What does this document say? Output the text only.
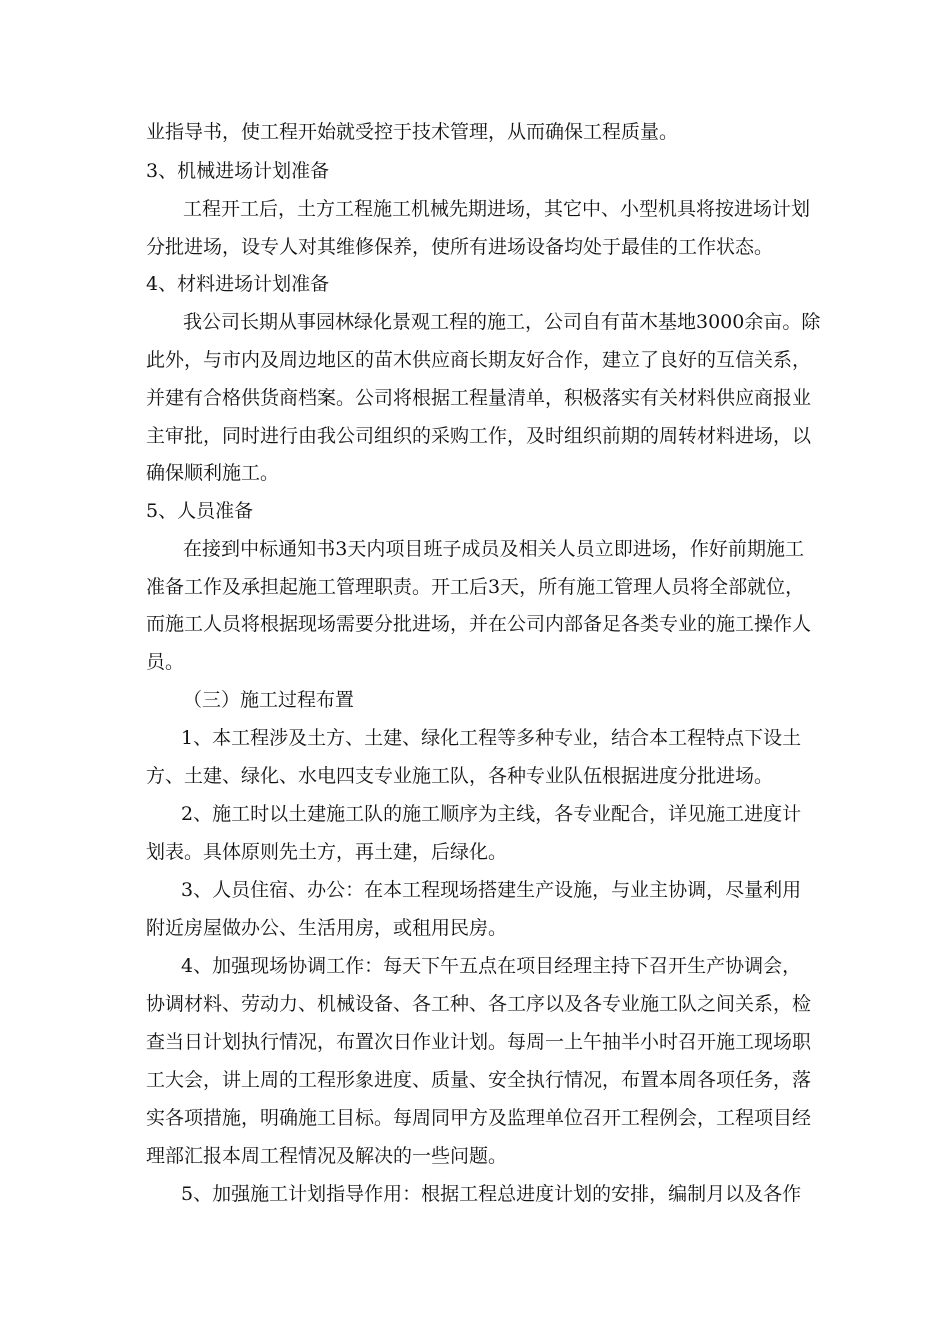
业指导书，使工程开始就受控于技术管理，从而确保工程质量。
3、机械进场计划准备
工程开工后，土方工程施工机械先期进场，其它中、小型机具将按进场计划
分批进场，设专人对其维修保养，使所有进场设备均处于最佳的工作状态。
4、材料进场计划准备
我公司长期从事园林绿化景观工程的施工，公司自有苗木基地3000余亩。除
此外，与市内及周边地区的苗木供应商长期友好合作，建立了良好的互信关系，
并建有合格供货商档案。公司将根据工程量清单，积极落实有关材料供应商报业
主审批，同时进行由我公司组织的采购工作，及时组织前期的周转材料进场，以
确保顺利施工。
5、人员准备
在接到中标通知书3天内项目班子成员及相关人员立即进场，作好前期施工
准备工作及承担起施工管理职责。开工后3天，所有施工管理人员将全部就位，
而施工人员将根据现场需要分批进场，并在公司内部备足各类专业的施工操作人
员。
（三）施工过程布置
1、本工程涉及土方、土建、绿化工程等多种专业，结合本工程特点下设土
方、土建、绿化、水电四支专业施工队，各种专业队伍根据进度分批进场。
2、施工时以土建施工队的施工顺序为主线，各专业配合，详见施工进度计
划表。具体原则先土方，再土建，后绿化。
3、人员住宿、办公：在本工程现场搭建生产设施，与业主协调，尽量利用
附近房屋做办公、生活用房，或租用民房。
4、加强现场协调工作：每天下午五点在项目经理主持下召开生产协调会，
协调材料、劳动力、机械设备、各工种、各工序以及各专业施工队之间关系，检
查当日计划执行情况，布置次日作业计划。每周一上午抽半小时召开施工现场职
工大会，讲上周的工程形象进度、质量、安全执行情况，布置本周各项任务，落
实各项措施，明确施工目标。每周同甲方及监理单位召开工程例会，工程项目经
理部汇报本周工程情况及解决的一些问题。
5、加强施工计划指导作用：根据工程总进度计划的安排，编制月以及各作
